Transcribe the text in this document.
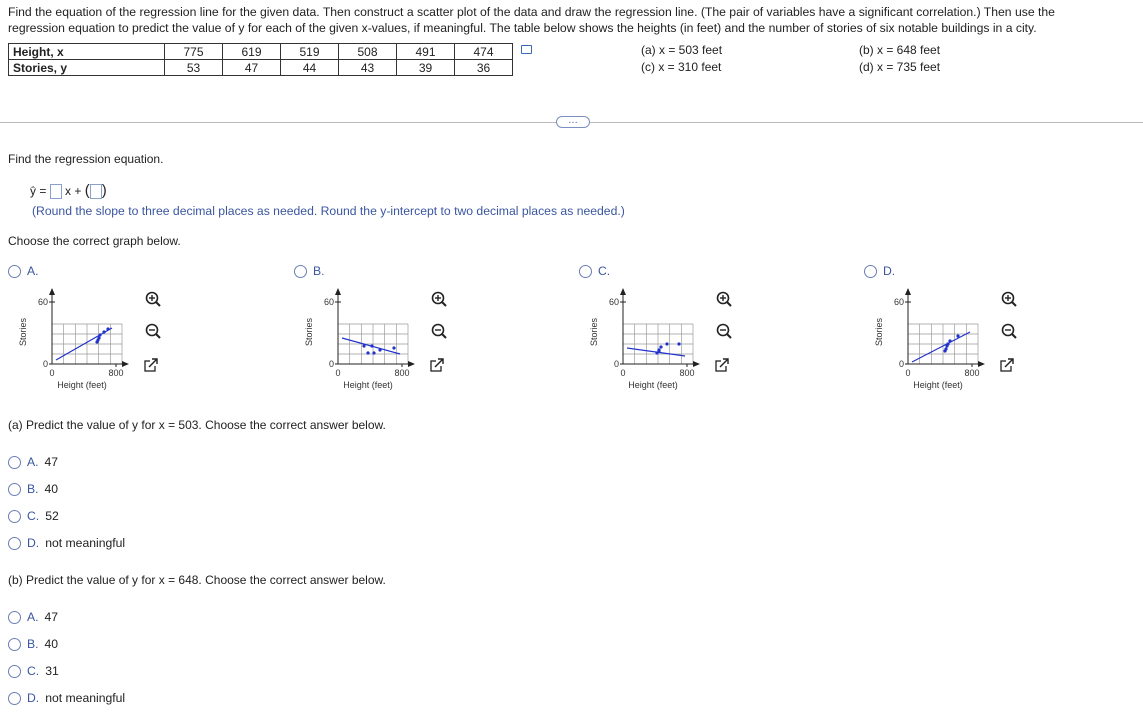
Find the equation of the regression line for the given data. Then construct a scatter plot of the data and draw the regression line. (The pair of variables have a significant correlation.) Then use the
regression equation to predict the value of y for each of the given x-values, if meaningful. The table below shows the heights (in feet) and the number of stories of six notable buildings in a city.
Height, x	775	619	519	508	491	474
Stories, y	53	47	44	43	39	36
(a) x = 503 feet	(b) x = 648 feet
(c) x = 310 feet	(d) x = 735 feet
…
Find the regression equation.
ŷ = x + ( )
(Round the slope to three decimal places as needed. Round the y-intercept to two decimal places as needed.)
Choose the correct graph below.
A.
60
0
0	800
Height (feet)
Stories
B.
60
0
0	800
Height (feet)
Stories
C.
60
0
0	800
Height (feet)
Stories
D.
60
0
0	800
Height (feet)
Stories
(a) Predict the value of y for x = 503. Choose the correct answer below.
A. 47
B. 40
C. 52
D. not meaningful
(b) Predict the value of y for x = 648. Choose the correct answer below.
A. 47
B. 40
C. 31
D. not meaningful
